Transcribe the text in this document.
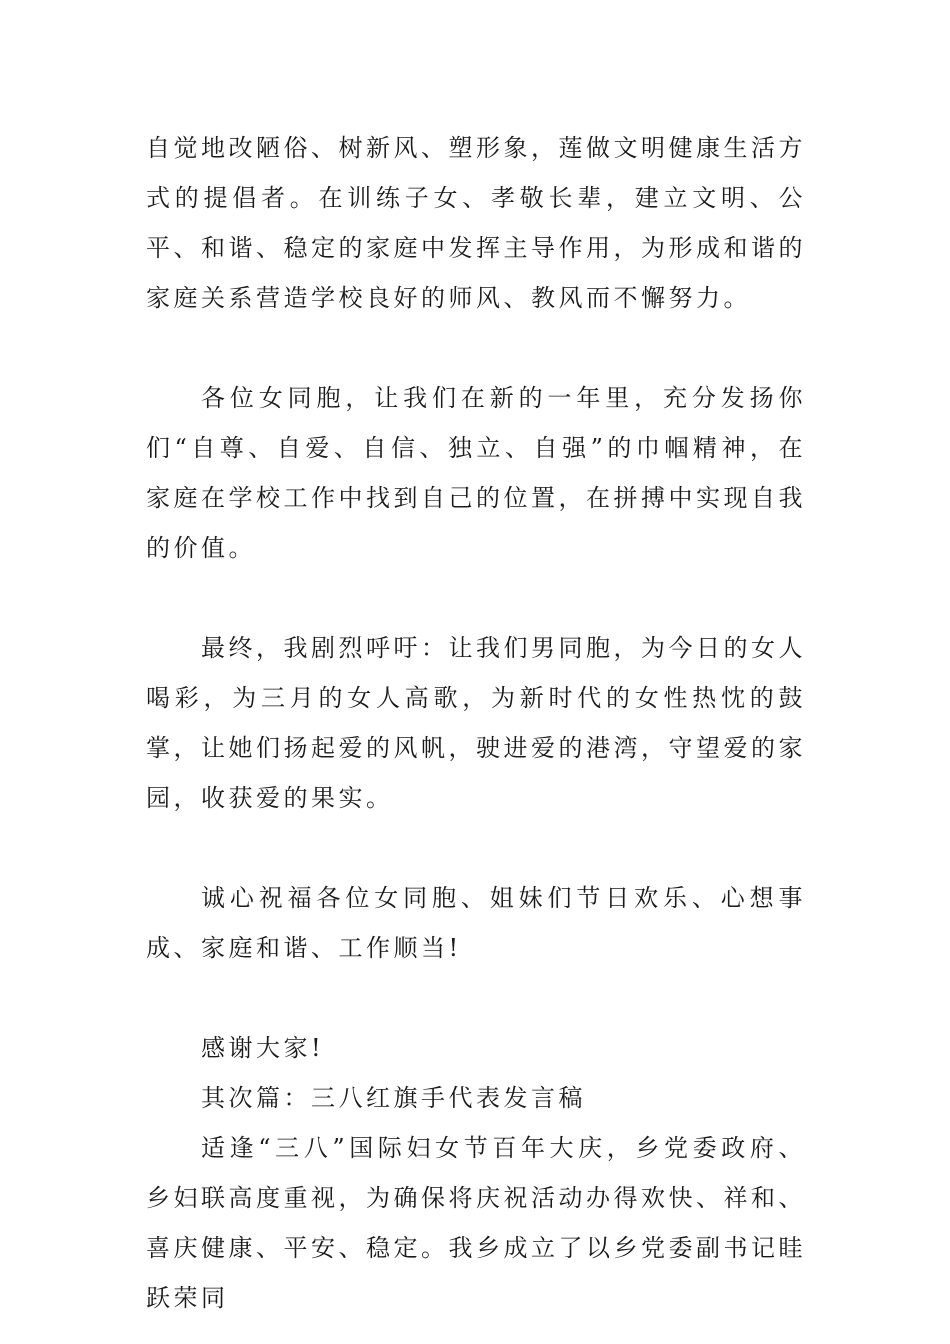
自觉地改陋俗、树新风、塑形象，莲做文明健康生活方式的提倡者。在训练子女、孝敬长辈，建立文明、公平、和谐、稳定的家庭中发挥主导作用，为形成和谐的家庭关系营造学校良好的师风、教风而不懈努力。

各位女同胞，让我们在新的一年里，充分发扬你们“自尊、自爱、自信、独立、自强”的巾帼精神，在家庭在学校工作中找到自己的位置，在拼搏中实现自我的价值。

最终，我剧烈呼吁：让我们男同胞，为今日的女人喝彩，为三月的女人高歌，为新时代的女性热忱的鼓掌，让她们扬起爱的风帆，驶进爱的港湾，守望爱的家园，收获爱的果实。

诚心祝福各位女同胞、姐妹们节日欢乐、心想事成、家庭和谐、工作顺当!

感谢大家!

其次篇：三八红旗手代表发言稿

适逢“三八”国际妇女节百年大庆，乡党委政府、乡妇联高度重视，为确保将庆祝活动办得欢快、祥和、喜庆健康、平安、稳定。我乡成立了以乡党委副书记眭跃荣同
